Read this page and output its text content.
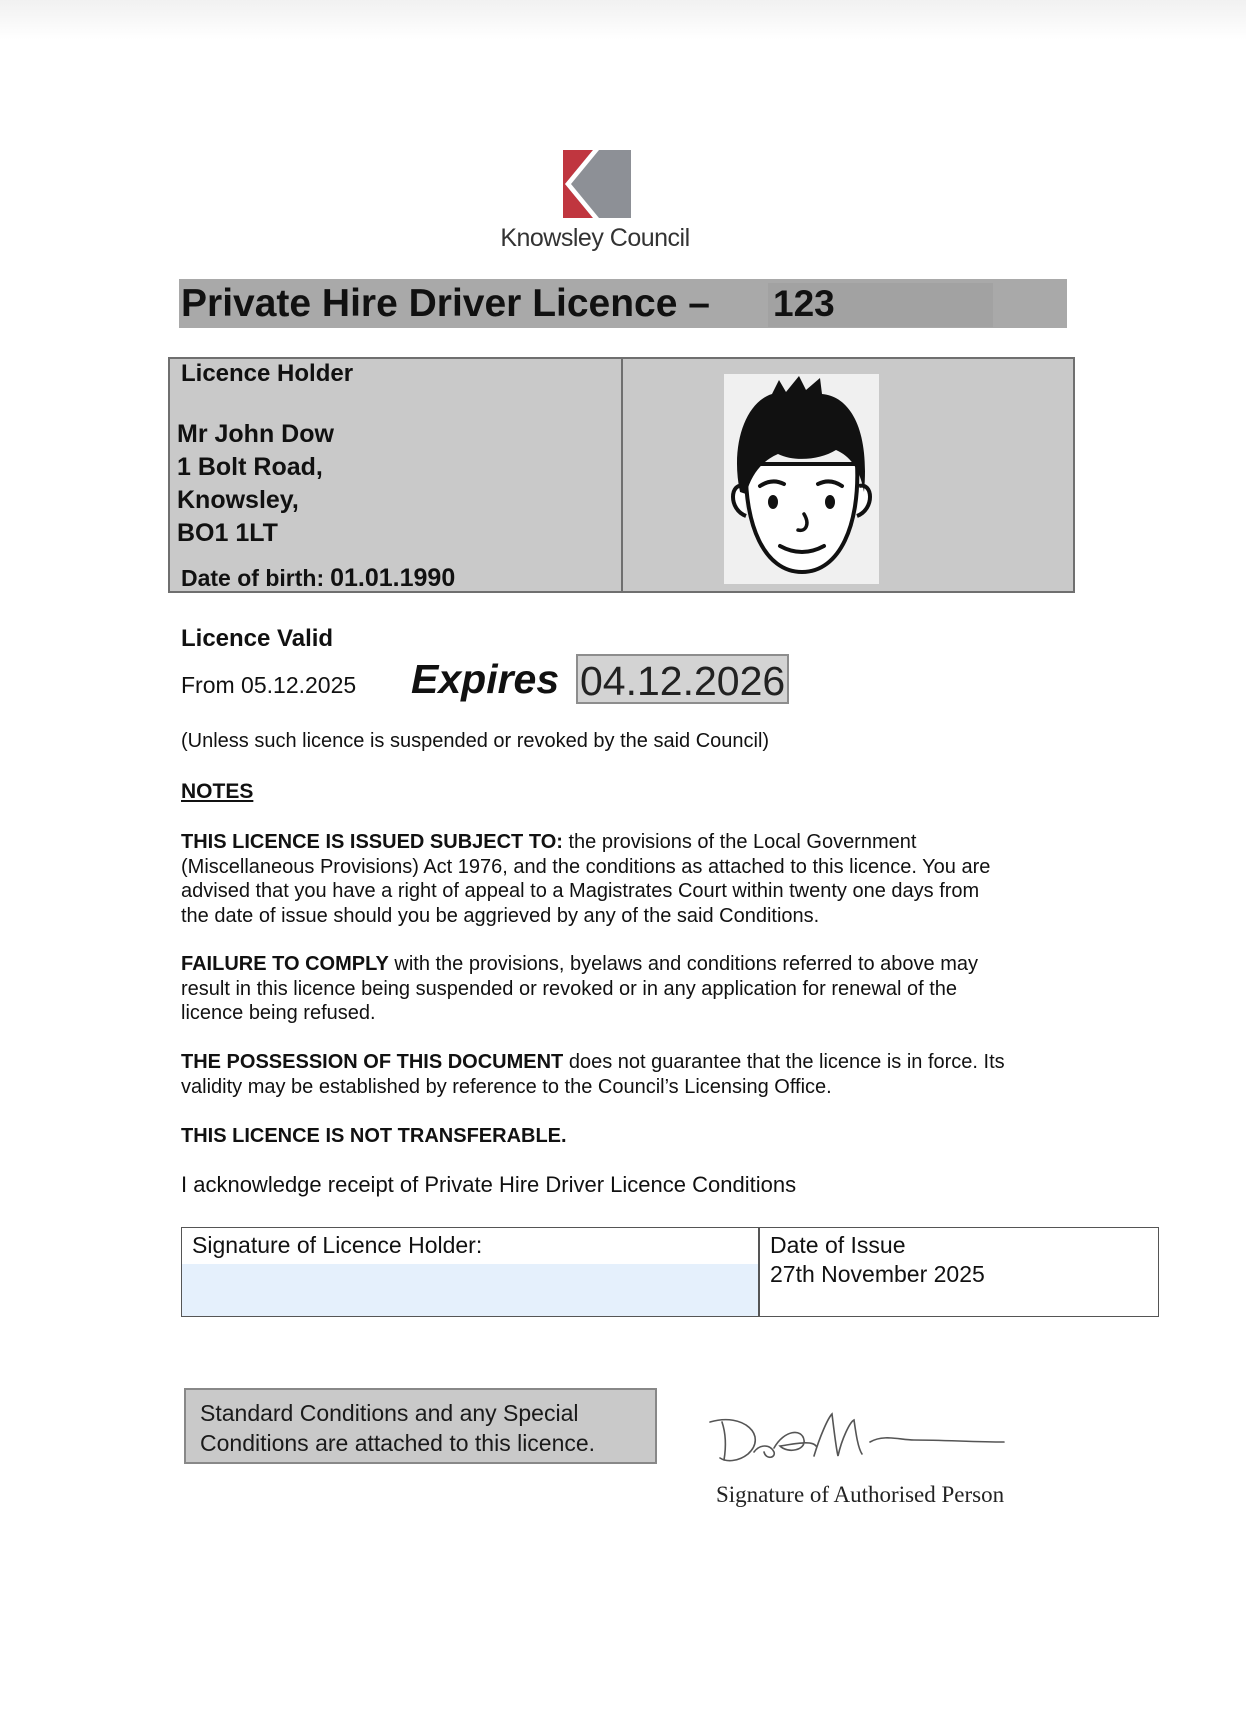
Knowsley Council
Private Hire Driver Licence – 123
Licence Holder
Mr John Dow
1 Bolt Road,
Knowsley,
BO1 1LT
Date of birth: 01.01.1990
Licence Valid
From 05.12.2025 Expires 04.12.2026
(Unless such licence is suspended or revoked by the said Council)
NOTES
THIS LICENCE IS ISSUED SUBJECT TO: the provisions of the Local Government
(Miscellaneous Provisions) Act 1976, and the conditions as attached to this licence. You are
advised that you have a right of appeal to a Magistrates Court within twenty one days from
the date of issue should you be aggrieved by any of the said Conditions.
FAILURE TO COMPLY with the provisions, byelaws and conditions referred to above may
result in this licence being suspended or revoked or in any application for renewal of the
licence being refused.
THE POSSESSION OF THIS DOCUMENT does not guarantee that the licence is in force. Its
validity may be established by reference to the Council’s Licensing Office.
THIS LICENCE IS NOT TRANSFERABLE.
I acknowledge receipt of Private Hire Driver Licence Conditions
Signature of Licence Holder:	Date of Issue
27th November 2025
Standard Conditions and any Special
Conditions are attached to this licence.
Signature of Authorised Person
